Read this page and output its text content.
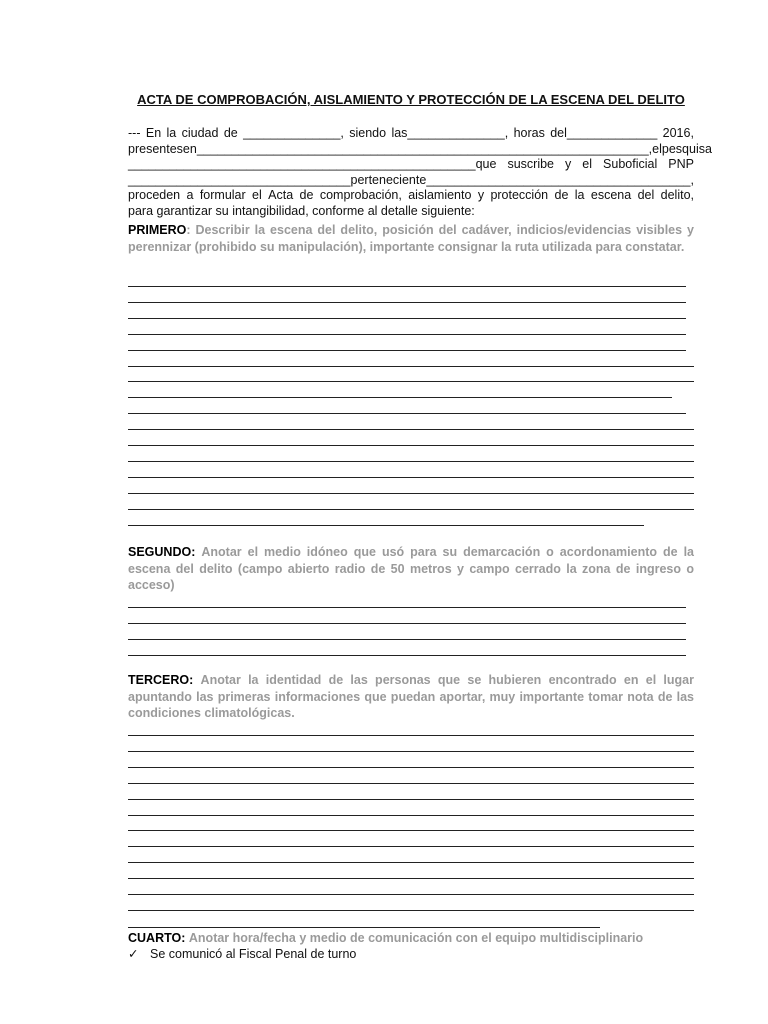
ACTA DE COMPROBACIÓN, AISLAMIENTO Y PROTECCIÓN DE LA ESCENA DEL DELITO
--- En la ciudad de ______________, siendo las______________, horas del_____________ 2016,
presentes en _________________________________________________________________, el pesquisa
__________________________________________________que suscribe y el Suboficial PNP
________________________________ perteneciente ______________________________________,
proceden a formular el Acta de comprobación, aislamiento y protección de la escena del delito,
para garantizar su intangibilidad, conforme al detalle siguiente:
PRIMERO: Describir la escena del delito, posición del cadáver, indicios/evidencias visibles y perennizar (prohibido su manipulación), importante consignar la ruta utilizada para constatar.
SEGUNDO: Anotar el medio idóneo que usó para su demarcación o acordonamiento de la escena del delito (campo abierto radio de 50 metros y campo cerrado la zona de ingreso o acceso)
TERCERO: Anotar la identidad de las personas que se hubieren encontrado en el lugar apuntando las primeras informaciones que puedan aportar, muy importante tomar nota de las condiciones climatológicas.
CUARTO: Anotar hora/fecha y medio de comunicación con el equipo multidisciplinario
✓ Se comunicó al Fiscal Penal de turno
